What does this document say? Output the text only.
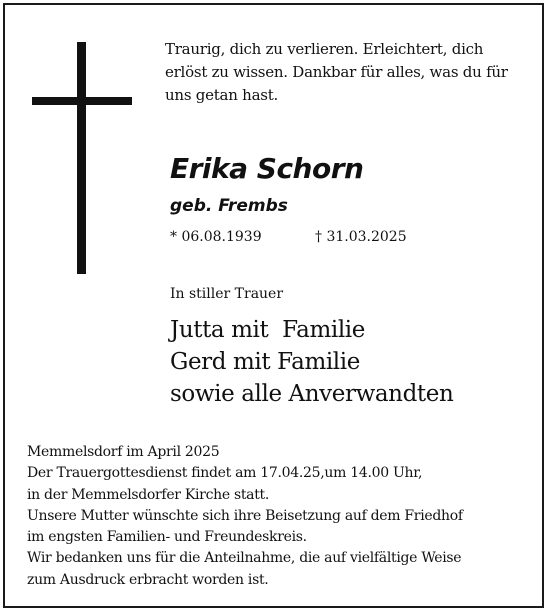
Traurig, dich zu verlieren. Erleichtert, dich
erlöst zu wissen. Dankbar für alles, was du für
uns getan hast.
Erika Schorn
geb. Frembs
* 06.08.1939	† 31.03.2025
In stiller Trauer
Jutta mit  Familie
Gerd mit Familie
sowie alle Anverwandten
Memmelsdorf im April 2025
Der Trauergottesdienst findet am 17.04.25,um 14.00 Uhr,
in der Memmelsdorfer Kirche statt.
Unsere Mutter wünschte sich ihre Beisetzung auf dem Friedhof
im engsten Familien- und Freundeskreis.
Wir bedanken uns für die Anteilnahme, die auf vielfältige Weise
zum Ausdruck erbracht worden ist.
